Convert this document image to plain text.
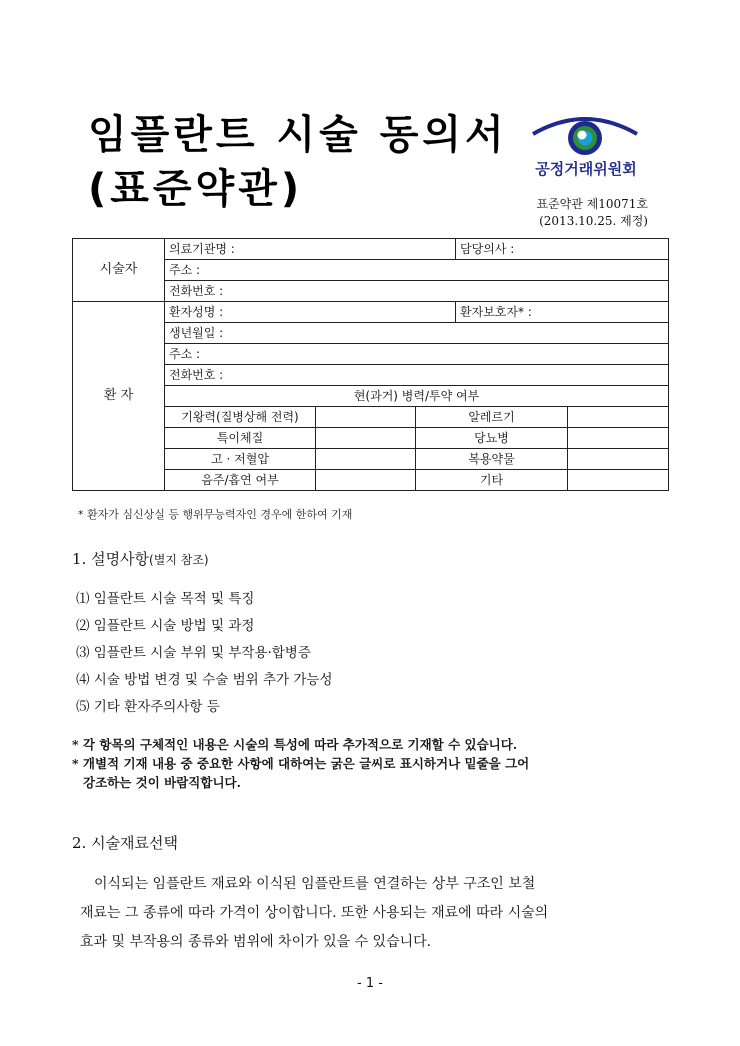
임플란트 시술 동의서
(표준약관)	공정거래위원회
표준약관 제10071호
(2013.10.25. 제정)
시술자	의료기관명 :			담당의사 :	
	주소 :				
	전화번호 :				
환 자	환자성명 :			환자보호자* :	
	생년월일 :				
	주소 :				
	전화번호 :				
	현(과거) 병력/투약 여부				
	기왕력(질병상해 전력)		알레르기		
	특이체질		당뇨병		
	고 · 저혈압		복용약물		
	음주/흡연 여부		기타		
* 환자가 심신상실 등 행위무능력자인 경우에 한하여 기재
1. 설명사항(별지 참조)
⑴ 임플란트 시술 목적 및 특징
⑵ 임플란트 시술 방법 및 과정
⑶ 임플란트 시술 부위 및 부작용·합병증
⑷ 시술 방법 변경 및 수술 범위 추가 가능성
⑸ 기타 환자주의사항 등
* 각 항목의 구체적인 내용은 시술의 특성에 따라 추가적으로 기재할 수 있습니다.
* 개별적 기재 내용 중 중요한 사항에 대하여는 굵은 글씨로 표시하거나 밑줄을 그어
강조하는 것이 바람직합니다.
2. 시술재료선택
이식되는 임플란트 재료와 이식된 임플란트를 연결하는 상부 구조인 보철
재료는 그 종류에 따라 가격이 상이합니다. 또한 사용되는 재료에 따라 시술의
효과 및 부작용의 종류와 범위에 차이가 있을 수 있습니다.
- 1 -
